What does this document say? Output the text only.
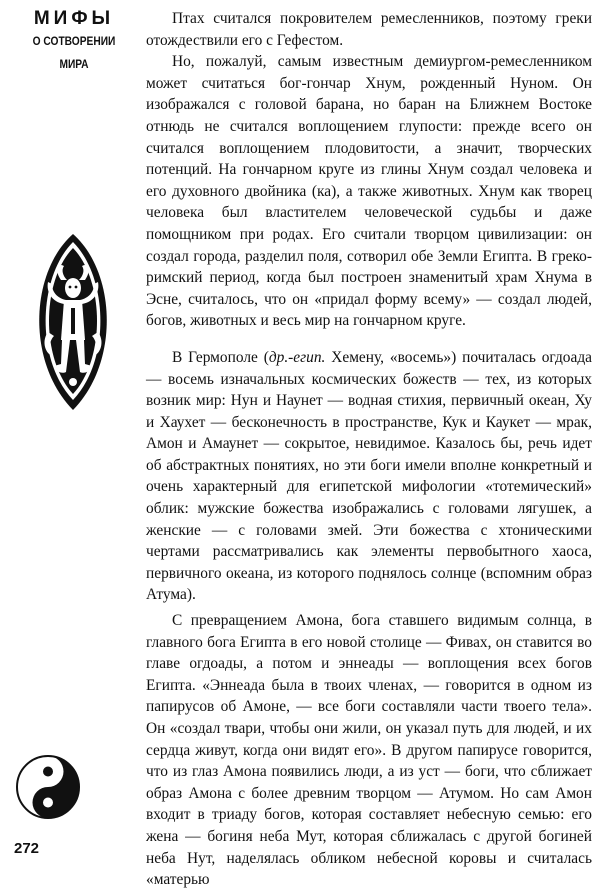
МИФЫ
О СОТВОРЕНИИ
МИРА
272

Птах считался покровителем ремесленников, поэтому греки отождествили его с Гефестом.

Но, пожалуй, самым известным демиургом-ремесленником может считаться бог-гончар Хнум, рожденный Нуном. Он изображался с головой барана, но баран на Ближнем Востоке отнюдь не считался воплощением глупости: прежде всего он считался воплощением плодовитости, а значит, творческих потенций. На гончарном круге из глины Хнум создал человека и его духовного двойника (ка), а также животных. Хнум как творец человека был властителем человеческой судьбы и даже помощником при родах. Его считали творцом цивилизации: он создал города, разделил поля, сотворил обе Земли Египта. В греко-римский период, когда был построен знаменитый храм Хнума в Эсне, считалось, что он «придал форму всему» — создал людей, богов, животных и весь мир на гончарном круге.

В Гермополе (др.-егип. Хемену, «восемь») почиталась огдоада — восемь изначальных космических божеств — тех, из которых возник мир: Нун и Наунет — водная стихия, первичный океан, Ху и Хаухет — бесконечность в пространстве, Кук и Каукет — мрак, Амон и Амаунет — сокрытое, невидимое. Казалось бы, речь идет об абстрактных понятиях, но эти боги имели вполне конкретный и очень характерный для египетской мифологии «тотемический» облик: мужские божества изображались с головами лягушек, а женские — с головами змей. Эти божества с хтоническими чертами рассматривались как элементы первобытного хаоса, первичного океана, из которого поднялось солнце (вспомним образ Атума).

С превращением Амона, бога ставшего видимым солнца, в главного бога Египта в его новой столице — Фивах, он ставится во главе огдоады, а потом и эннеады — воплощения всех богов Египта. «Эннеада была в твоих членах, — говорится в одном из папирусов об Амоне, — все боги составляли части твоего тела». Он «создал твари, чтобы они жили, он указал путь для людей, и их сердца живут, когда они видят его». В другом папирусе говорится, что из глаз Амона появились люди, а из уст — боги, что сближает образ Амона с более древним творцом — Атумом. Но сам Амон входит в триаду богов, которая составляет небесную семью: его жена — богиня неба Мут, которая сближалась с другой богиней неба Нут, наделялась обликом небесной коровы и считалась «матерью
